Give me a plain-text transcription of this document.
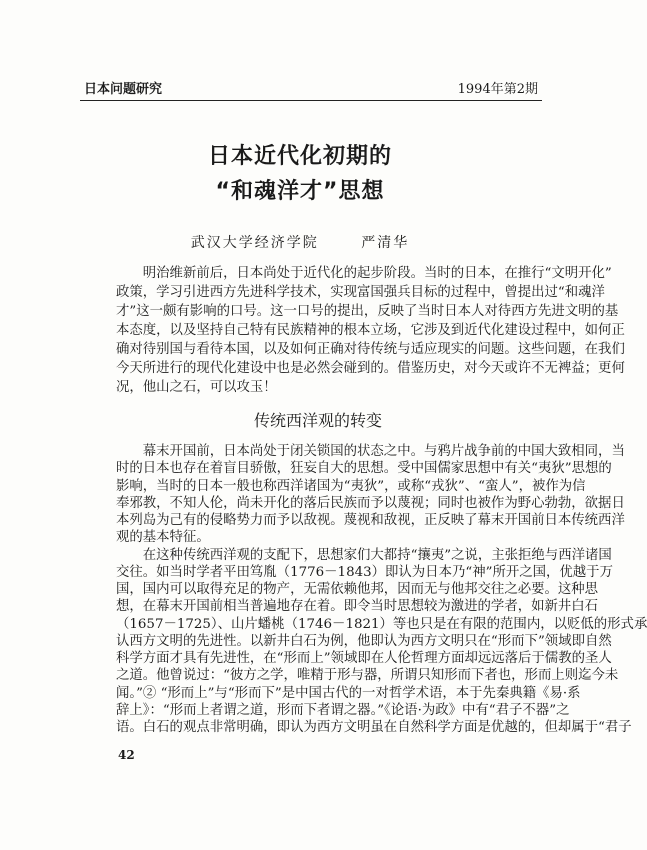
日本问题研究	1994年第2期
日本近代化初期的
“和魂洋才”思想
武汉大学经济学院	严清华
　　明治维新前后，日本尚处于近代化的起步阶段。当时的日本，在推行“文明开化”
政策，学习引进西方先进科学技术，实现富国强兵目标的过程中，曾提出过“和魂洋
才”这一颇有影响的口号。这一口号的提出，反映了当时日本人对待西方先进文明的基
本态度，以及坚持自己特有民族精神的根本立场，它涉及到近代化建设过程中，如何正
确对待别国与看待本国，以及如何正确对待传统与适应现实的问题。这些问题，在我们
今天所进行的现代化建设中也是必然会碰到的。借鉴历史，对今天或许不无裨益；更何
况，他山之石，可以攻玉！
传统西洋观的转变
　　幕末开国前，日本尚处于闭关锁国的状态之中。与鸦片战争前的中国大致相同，当
时的日本也存在着盲目骄傲，狂妄自大的思想。受中国儒家思想中有关“夷狄”思想的
影响，当时的日本一般也称西洋诸国为“夷狄”，或称“戎狄”、“蛮人”，被作为信
奉邪教，不知人伦，尚未开化的落后民族而予以蔑视；同时也被作为野心勃勃，欲据日
本列岛为己有的侵略势力而予以敌视。蔑视和敌视，正反映了幕末开国前日本传统西洋
观的基本特征。
　　在这种传统西洋观的支配下，思想家们大都持“攘夷”之说，主张拒绝与西洋诸国
交往。如当时学者平田笃胤（1776－1843）即认为日本乃“神”所开之国，优越于万
国，国内可以取得充足的物产，无需依赖他邦，因而无与他邦交往之必要。这种思
想，在幕末开国前相当普遍地存在着。即令当时思想较为激进的学者，如新井白石
（1657－1725）、山片蟠桃（1746－1821）等也只是在有限的范围内，以贬低的形式承
认西方文明的先进性。以新井白石为例，他即认为西方文明只在“形而下”领域即自然
科学方面才具有先进性，在“形而上”领域即在人伦哲理方面却远远落后于儒教的圣人
之道。他曾说过：“彼方之学，唯精于形与器，所谓只知形而下者也，形而上则迄今未
闻。”② “形而上”与“形而下”是中国古代的一对哲学术语，本于先秦典籍《易·系
辞上》：“形而上者谓之道，形而下者谓之器。”《论语·为政》中有“君子不器”之
语。白石的观点非常明确，即认为西方文明虽在自然科学方面是优越的，但却属于“君子
42
